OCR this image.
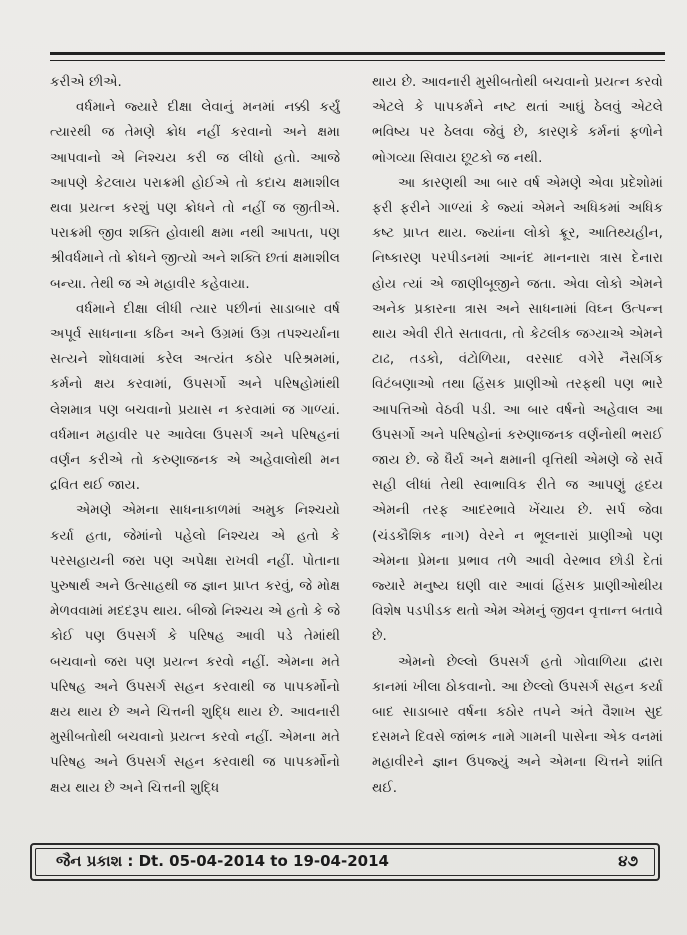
કરીએ છીએ.

વર્ધમાને જ્યારે દીક્ષા લેવાનું મનમાં નક્કી કર્યું ત્યારથી જ તેમણે ક્રોધ નહીં કરવાનો અને ક્ષમા આપવાનો એ નિશ્ચય કરી જ લીધો હતો. આજે આપણે કેટલાય પરાક્રમી હોઈએ તો કદાચ ક્ષમાશીલ થવા પ્રયત્ન કરશું પણ ક્રોધને તો નહીં જ જીતીએ. પરાક્રમી જીવ શક્તિ હોવાથી ક્ષમા નથી આપતા, પણ શ્રીવર્ધમાને તો ક્રોધને જીત્યો અને શક્તિ છતાં ક્ષમાશીલ બન્યા. તેથી જ એ મહાવીર કહેવાયા.

વર્ધમાને દીક્ષા લીધી ત્યાર પછીનાં સાડાબાર વર્ષ અપૂર્વ સાધનાના કઠિન અને ઉગ્રમાં ઉગ્ર તપશ્ચર્યાના સત્યને શોધવામાં કરેલ અત્યંત કઠોર પરિશ્રમમાં, કર્મનો ક્ષય કરવામાં, ઉપસર્ગો અને પરિષહોમાંથી લેશમાત્ર પણ બચવાનો પ્રયાસ ન કરવામાં જ ગાળ્યાં. વર્ધમાન મહાવીર પર આવેલા ઉપસર્ગ અને પરિષહનાં વર્ણન કરીએ તો કરુણાજનક એ અહેવાલોથી મન દ્રવિત થઈ જાય.

એમણે એમના સાધનાકાળમાં અમુક નિશ્ચયો કર્યા હતા, જેમાંનો પહેલો નિશ્ચય એ હતો કે પરસહાયની જરા પણ અપેક્ષા રાખવી નહીં. પોતાના પુરુષાર્થ અને ઉત્સાહથી જ જ્ઞાન પ્રાપ્ત કરવું, જે મોક્ષ મેળવવામાં મદદરૂપ થાય. બીજો નિશ્ચય એ હતો કે જે કોઈ પણ ઉપસર્ગ કે પરિષહ આવી પડે તેમાંથી બચવાનો જરા પણ પ્રયત્ન કરવો નહીં. એમના મતે પરિષહ અને ઉપસર્ગ સહન કરવાથી જ પાપકર્મોનો ક્ષય થાય છે અને ચિત્તની શુદ્ધિ થાય છે. આવનારી મુસીબતોથી બચવાનો પ્રયત્ન કરવો નહીં. એમના મતે પરિષહ અને ઉપસર્ગ સહન કરવાથી જ પાપકર્મોનો ક્ષય થાય છે અને ચિત્તની શુદ્ધિ

થાય છે. આવનારી મુસીબતોથી બચવાનો પ્રયત્ન કરવો એટલે કે પાપકર્મને નષ્ટ થતાં આઘું ઠેલવું એટલે ભવિષ્ય પર ઠેલવા જેવું છે, કારણકે કર્મનાં ફળોને ભોગવ્યા સિવાય છૂટકો જ નથી.

આ કારણથી આ બાર વર્ષ એમણે એવા પ્રદેશોમાં ફરી ફરીને ગાળ્યાં કે જ્યાં એમને અધિકમાં અધિક કષ્ટ પ્રાપ્ત થાય. જ્યાંના લોકો ક્રૂર, આતિથ્યહીન, નિષ્કારણ પરપીડનમાં આનંદ માનનારા ત્રાસ દેનારા હોય ત્યાં એ જાણીબૂજીને જતા. એવા લોકો એમને અનેક પ્રકારના ત્રાસ અને સાધનામાં વિઘ્ન ઉત્પન્ન થાય એવી રીતે સતાવતા, તો કેટલીક જગ્યાએ એમને ટાઢ, તડકો, વંટોળિયા, વરસાદ વગેરે નૈસર્ગિક વિટંબણાઓ તથા હિંસક પ્રાણીઓ તરફથી પણ ભારે આપત્તિઓ વેઠવી પડી. આ બાર વર્ષનો અહેવાલ આ ઉપસર્ગો અને પરિષહોનાં કરુણાજનક વર્ણનોથી ભરાઈ જાય છે. જે ધૈર્ય અને ક્ષમાની વૃત્તિથી એમણે જે સર્વે સહી લીધાં તેથી સ્વાભાવિક રીતે જ આપણું હૃદય એમની તરફ આદરભાવે ખેંચાય છે. સર્પ જેવા (ચંડકૌશિક નાગ) વેરને ન ભૂલનારાં પ્રાણીઓ પણ એમના પ્રેમના પ્રભાવ તળે આવી વેરભાવ છોડી દેતાં જ્યારે મનુષ્ય ઘણી વાર આવાં હિંસક પ્રાણીઓથીય વિશેષ પડપીડક થતો એમ એમનું જીવન વૃત્તાન્ત બતાવે છે.

એમનો છેલ્લો ઉપસર્ગ હતો ગોવાળિયા દ્વારા કાનમાં ખીલા ઠોકવાનો. આ છેલ્લો ઉપસર્ગ સહન કર્યા બાદ સાડાબાર વર્ષના કઠોર તપને અંતે વૈશાખ સુદ દસમને દિવસે જાંભક નામે ગામની પાસેના એક વનમાં મહાવીરને જ્ઞાન ઉપજ્યું અને એમના ચિત્તને શાંતિ થઈ.

જૈન પ્રકાશ : Dt. 05-04-2014 to 19-04-2014	૪૭
